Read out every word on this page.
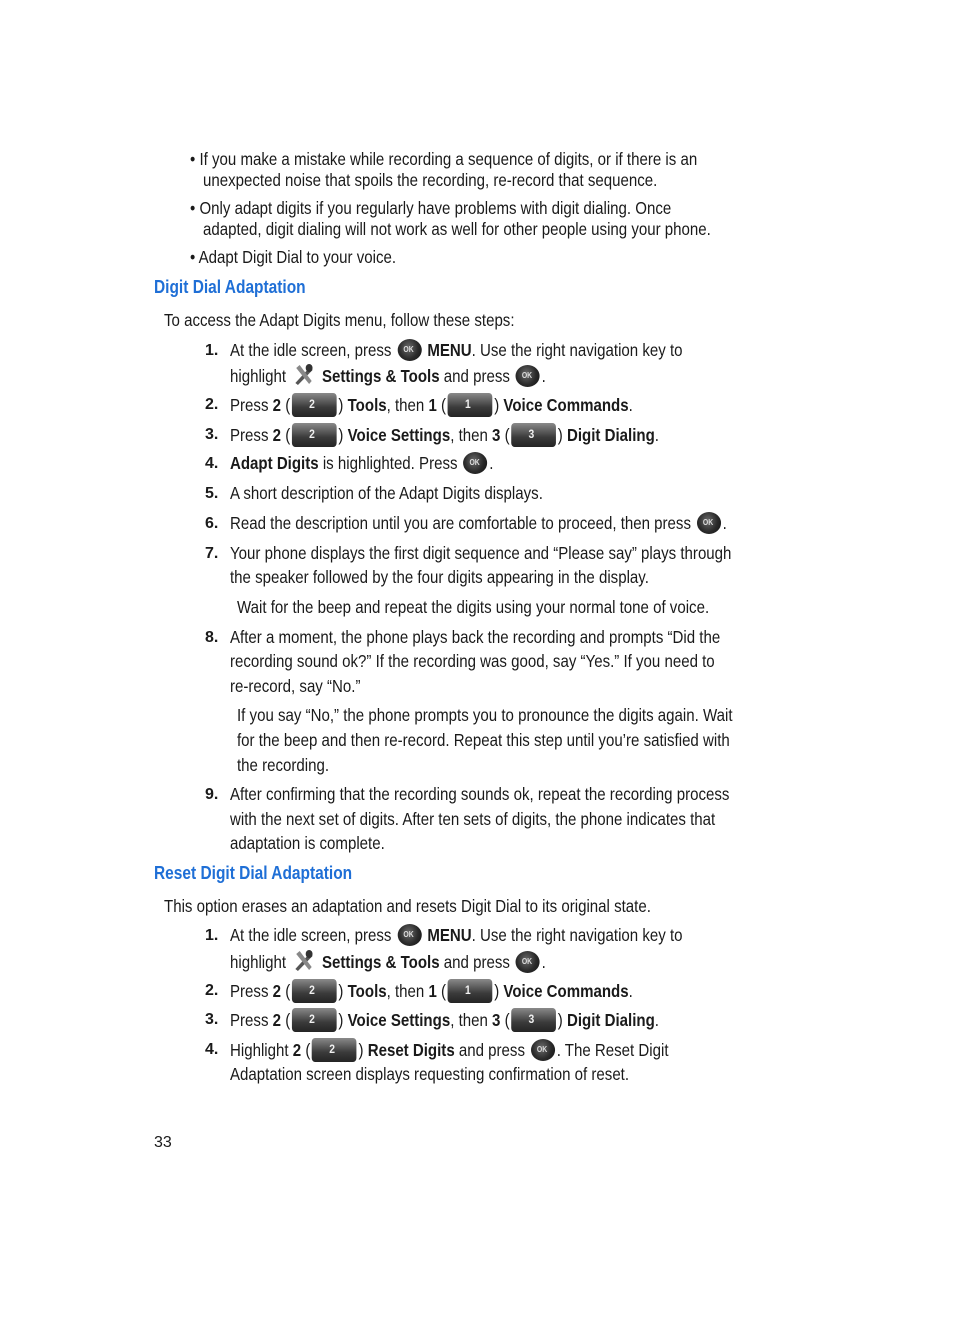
• If you make a mistake while recording a sequence of digits, or if there is an
unexpected noise that spoils the recording, re-record that sequence.
• Only adapt digits if you regularly have problems with digit dialing. Once
adapted, digit dialing will not work as well for other people using your phone.
• Adapt Digit Dial to your voice.
Digit Dial Adaptation
To access the Adapt Digits menu, follow these steps:
1. At the idle screen, press OK MENU. Use the right navigation key to
highlight Settings & Tools and press OK .
2. Press 2 ( 2 ) Tools, then 1 ( 1 ) Voice Commands.
3. Press 2 ( 2 ) Voice Settings, then 3 ( 3 ) Digit Dialing.
4. Adapt Digits is highlighted. Press OK .
5. A short description of the Adapt Digits displays.
6. Read the description until you are comfortable to proceed, then press OK .
7. Your phone displays the first digit sequence and “Please say” plays through
the speaker followed by the four digits appearing in the display.
Wait for the beep and repeat the digits using your normal tone of voice.
8. After a moment, the phone plays back the recording and prompts “Did the
recording sound ok?” If the recording was good, say “Yes.” If you need to
re-record, say “No.”
If you say “No,” the phone prompts you to pronounce the digits again. Wait
for the beep and then re-record. Repeat this step until you’re satisfied with
the recording.
9. After confirming that the recording sounds ok, repeat the recording process
with the next set of digits. After ten sets of digits, the phone indicates that
adaptation is complete.
Reset Digit Dial Adaptation
This option erases an adaptation and resets Digit Dial to its original state.
1. At the idle screen, press OK MENU. Use the right navigation key to
highlight Settings & Tools and press OK .
2. Press 2 ( 2 ) Tools, then 1 ( 1 ) Voice Commands.
3. Press 2 ( 2 ) Voice Settings, then 3 ( 3 ) Digit Dialing.
4. Highlight 2 ( 2 ) Reset Digits and press OK . The Reset Digit
Adaptation screen displays requesting confirmation of reset.
33
